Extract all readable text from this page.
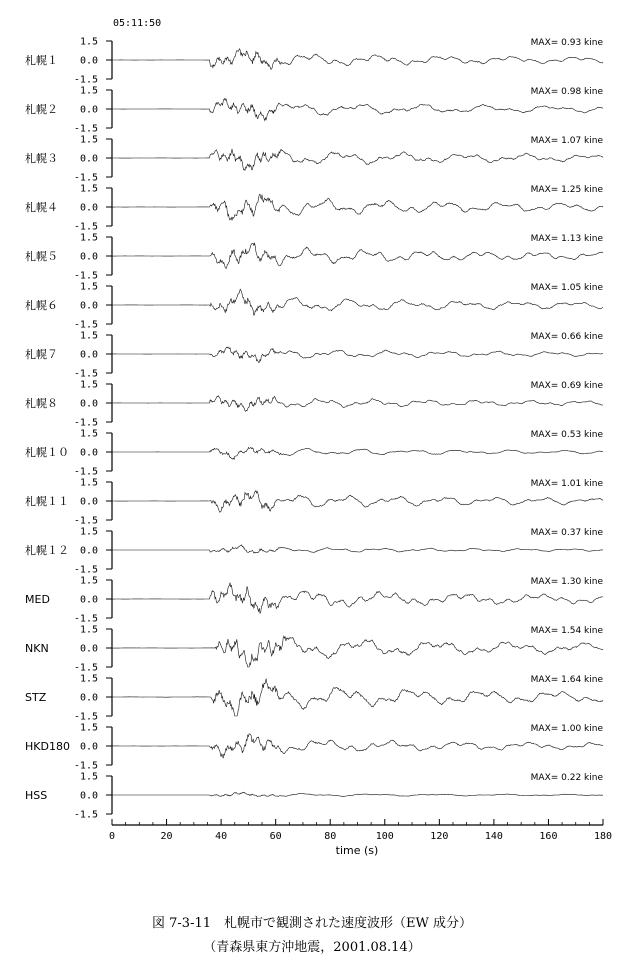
05:11:50
札幌１
1.5
0.0
-1.5
MAX= 0.93 kine
札幌２
1.5
0.0
-1.5
MAX= 0.98 kine
札幌３
1.5
0.0
-1.5
MAX= 1.07 kine
札幌４
1.5
0.0
-1.5
MAX= 1.25 kine
札幌５
1.5
0.0
-1.5
MAX= 1.13 kine
札幌６
1.5
0.0
-1.5
MAX= 1.05 kine
札幌７
1.5
0.0
-1.5
MAX= 0.66 kine
札幌８
1.5
0.0
-1.5
MAX= 0.69 kine
札幌１０
1.5
0.0
-1.5
MAX= 0.53 kine
札幌１１
1.5
0.0
-1.5
MAX= 1.01 kine
札幌１２
1.5
0.0
-1.5
MAX= 0.37 kine
MED
1.5
0.0
-1.5
MAX= 1.30 kine
NKN
1.5
0.0
-1.5
MAX= 1.54 kine
STZ
1.5
0.0
-1.5
MAX= 1.64 kine
HKD180
1.5
0.0
-1.5
MAX= 1.00 kine
HSS
1.5
0.0
-1.5
MAX= 0.22 kine
0	20	40	60	80	100	120	140	160	180
time (s)
図 7-3-11　札幌市で観測された速度波形（EW 成分）
（青森県東方沖地震，2001.08.14）
